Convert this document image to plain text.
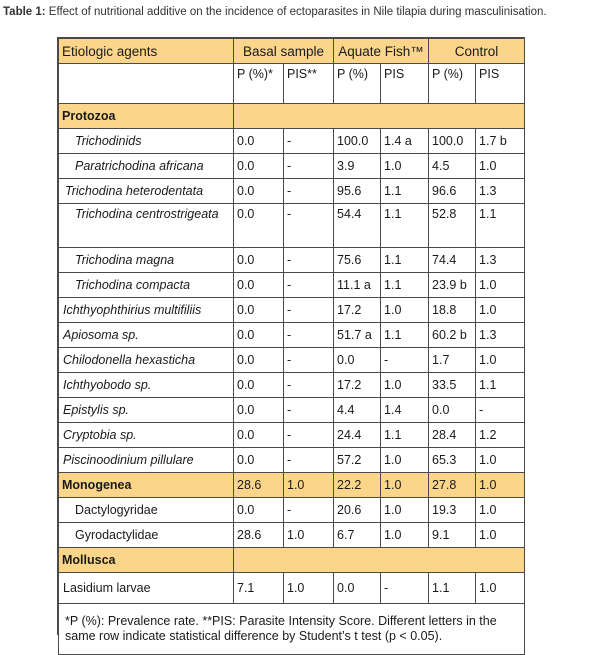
Table 1: Effect of nutritional additive on the incidence of ectoparasites in Nile tilapia during masculinisation.
Etiologic agents	Basal sample		Aquate Fish™		Control	
	P (%)*	PIS**	P (%)	PIS	P (%)	PIS
Protozoa						
Trichodinids	0.0	-	100.0	1.4 a	100.0	1.7 b
Paratrichodina africana	0.0	-	3.9	1.0	4.5	1.0
Trichodina heterodentata	0.0	-	95.6	1.1	96.6	1.3
Trichodina centrostrigeata	0.0	-	54.4	1.1	52.8	1.1
Trichodina magna	0.0	-	75.6	1.1	74.4	1.3
Trichodina compacta	0.0	-	11.1 a	1.1	23.9 b	1.0
Ichthyophthirius multifiliis	0.0	-	17.2	1.0	18.8	1.0
Apiosoma sp.	0.0	-	51.7 a	1.1	60.2 b	1.3
Chilodonella hexasticha	0.0	-	0.0	-	1.7	1.0
Ichthyobodo sp.	0.0	-	17.2	1.0	33.5	1.1
Epistylis sp.	0.0	-	4.4	1.4	0.0	-
Cryptobia sp.	0.0	-	24.4	1.1	28.4	1.2
Piscinoodinium pillulare	0.0	-	57.2	1.0	65.3	1.0
Monogenea	28.6	1.0	22.2	1.0	27.8	1.0
Dactylogyridae	0.0	-	20.6	1.0	19.3	1.0
Gyrodactylidae	28.6	1.0	6.7	1.0	9.1	1.0
Mollusca						
Lasidium larvae	7.1	1.0	0.0	-	1.1	1.0
*P (%): Prevalence rate. **PIS: Parasite Intensity Score. Different letters in the same row indicate statistical difference by Student’s t test (p < 0.05).						
